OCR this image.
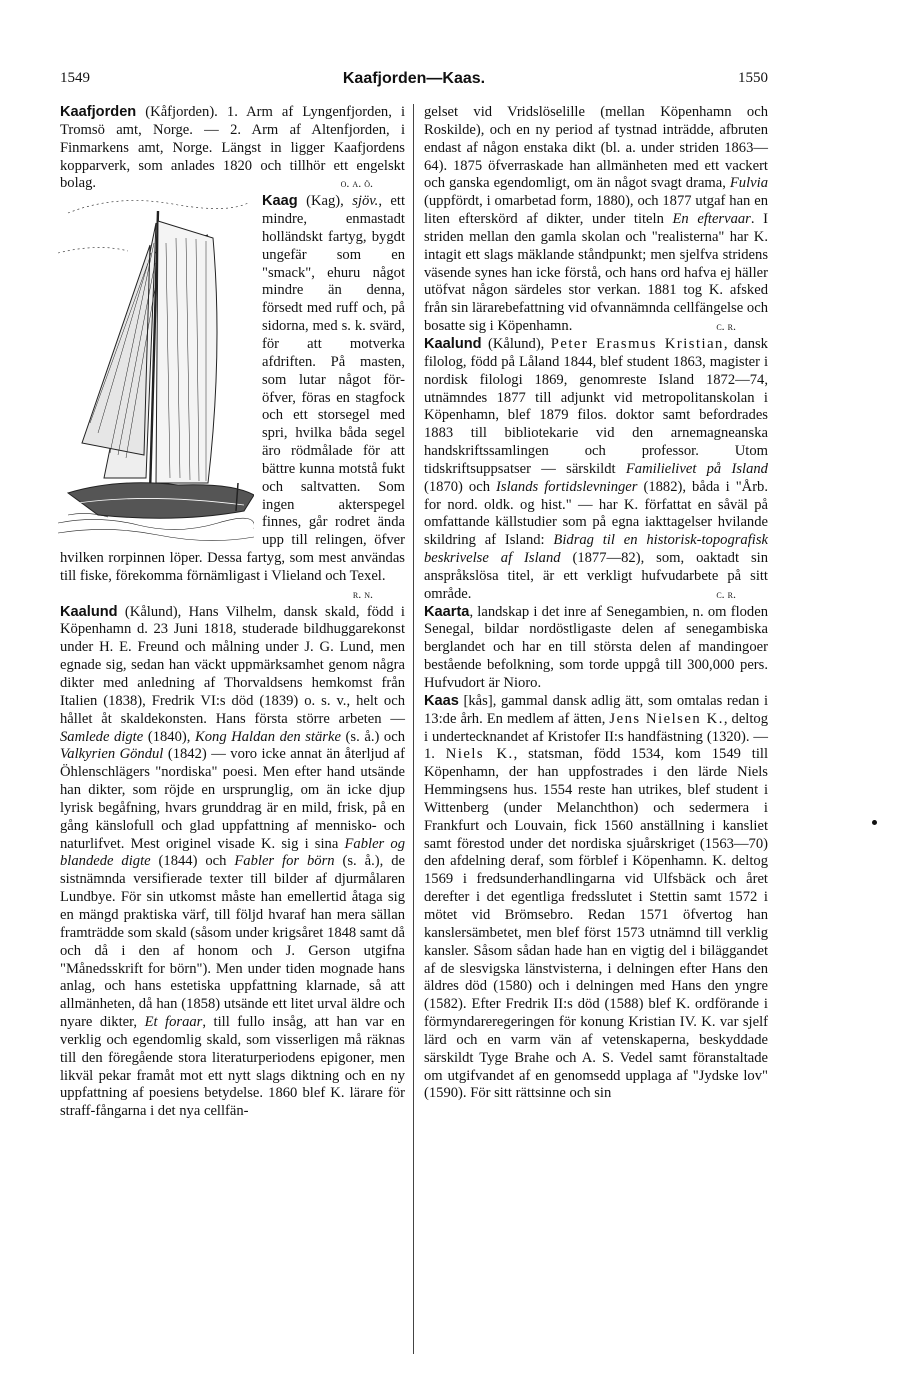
1549	Kaafjorden—Kaas.	1550

Kaafjorden (Kåfjorden). 1. Arm af Lyngenfjorden, i Tromsö amt, Norge. — 2. Arm af Altenfjorden, i Finmarkens amt, Norge. Längst in ligger Kaafjordens kopparverk, som anlades 1820 och tillhör ett engelskt bolag.	o. a. ö.

Kaag (Kag), sjöv.
, ett mindre, enmastadt holländskt fartyg, bygdt ungefär som en "smack", ehuru något mindre än denna, försedt med ruff och, på sidorna, med s. k. svärd, för att motverka afdriften. På masten, som lutar något för-öfver, föras en stagfock och ett storsegel med spri, hvilka båda segel äro rödmålade för att bättre kunna motstå fukt och saltvatten. Som ingen akterspegel finnes, går rodret ända upp till relingen, öfver hvilken rorpinnen löper. Dessa fartyg, som mest användas till fiske, förekomma förnämligast i Vlieland och Texel.
r. n.

Kaalund (Kålund), Hans Vilhelm, dansk skald, född i Köpenhamn d. 23 Juni 1818, studerade bildhuggarekonst under H. E. Freund och målning under J. G. Lund, men egnade sig, sedan han väckt uppmärksamhet genom några dikter med anledning af Thorvaldsens hemkomst från Italien (1838), Fredrik VI:s död (1839) o. s. v., helt och hållet åt skaldekonsten. Hans första större arbeten — Samlede digte (1840), Kong Haldan den stärke (s. å.) och Valkyrien Göndul (1842) — voro icke annat än återljud af Öhlenschlägers "nordiska" poesi. Men efter hand utsände han dikter, som röjde en ursprunglig, om än icke djup lyrisk begåfning, hvars grunddrag är en mild, frisk, på en gång känslofull och glad uppfattning af mennisko- och naturlifvet. Mest originel visade K. sig i sina Fabler og blandede digte (1844) och Fabler for börn (s. å.), de sistnämnda versifierade texter till bilder af djurmålaren Lundbye. För sin utkomst måste han emellertid åtaga sig en mängd praktiska värf, till följd hvaraf han mera sällan framträdde som skald (såsom under krigsåret 1848 samt då och då i den af honom och J. Gerson utgifna "Månedsskrift for börn"). Men under tiden mognade hans anlag, och hans estetiska uppfattning klarnade, så att allmänheten, då han (1858) utsände ett litet urval äldre och nyare dikter, Et foraar, till fullo insåg, att han var en verklig och egendomlig skald, som visserligen må räknas till den föregående stora literaturperiodens epigoner, men likväl pekar framåt mot ett nytt slags diktning och en ny uppfattning af poesiens betydelse. 1860 blef K. lärare för straff-fångarna i det nya cellfän-

gelset vid Vridslöselille (mellan Köpenhamn och Roskilde), och en ny period af tystnad inträdde, afbruten endast af någon enstaka dikt (bl. a. under striden 1863—64). 1875 öfverraskade han allmänheten med ett vackert och ganska egendomligt, om än något svagt drama, Fulvia (uppfördt, i omarbetad form, 1880), och 1877 utgaf han en liten efterskörd af dikter, under titeln En eftervaar. I striden mellan den gamla skolan och "realisterna" har K. intagit ett slags mäklande ståndpunkt; men sjelfva stridens väsende synes han icke förstå, och hans ord hafva ej häller utöfvat någon särdeles stor verkan. 1881 tog K. afsked från sin lärarebefattning vid ofvannämnda cellfängelse och bosatte sig i Köpenhamn.	c. r.

Kaalund (Kålund), Peter Erasmus Kristian, dansk filolog, född på Låland 1844, blef student 1863, magister i nordisk filologi 1869, genomreste Island 1872—74, utnämndes 1877 till adjunkt vid metropolitanskolan i Köpenhamn, blef 1879 filos. doktor samt befordrades 1883 till bibliotekarie vid den arnemagneanska handskriftssamlingen och professor. Utom tidskriftsuppsatser — särskildt Familielivet på Island (1870) och Islands fortidslevninger (1882), båda i "Årb. for nord. oldk. og hist." — har K. författat en såväl på omfattande källstudier som på egna iakttagelser hvilande skildring af Island: Bidrag til en historisk-topografisk beskrivelse af Island (1877—82), som, oaktadt sin anspråkslösa titel, är ett verkligt hufvudarbete på sitt område.	c. r.

Kaarta, landskap i det inre af Senegambien, n. om floden Senegal, bildar nordöstligaste delen af senegambiska berglandet och har en till största delen af mandingoer bestående befolkning, som torde uppgå till 300,000 pers. Hufvudort är Nioro.

Kaas [kås], gammal dansk adlig ätt, som omtalas redan i 13:de årh. En medlem af ätten, Jens Nielsen K., deltog i undertecknandet af Kristofer II:s handfästning (1320). — 1. Niels K., statsman, född 1534, kom 1549 till Köpenhamn, der han uppfostrades i den lärde Niels Hemmingsens hus. 1554 reste han utrikes, blef student i Wittenberg (under Melanchthon) och sedermera i Frankfurt och Louvain, fick 1560 anställning i kansliet samt förestod under det nordiska sjuårskriget (1563—70) den afdelning deraf, som förblef i Köpenhamn. K. deltog 1569 i fredsunderhandlingarna vid Ulfsbäck och året derefter i det egentliga fredsslutet i Stettin samt 1572 i mötet vid Brömsebro. Redan 1571 öfvertog han kanslersämbetet, men blef först 1573 utnämnd till verklig kansler. Såsom sådan hade han en vigtig del i biläggandet af de slesvigska länstvisterna, i delningen efter Hans den äldres död (1580) och i delningen med Hans den yngre (1582). Efter Fredrik II:s död (1588) blef K. ordförande i förmyndareregeringen för konung Kristian IV. K. var sjelf lärd och en varm vän af vetenskaperna, beskyddade särskildt Tyge Brahe och A. S. Vedel samt föranstaltade om utgifvandet af en genomsedd upplaga af "Jydske lov" (1590). För sitt rättsinne och sin
